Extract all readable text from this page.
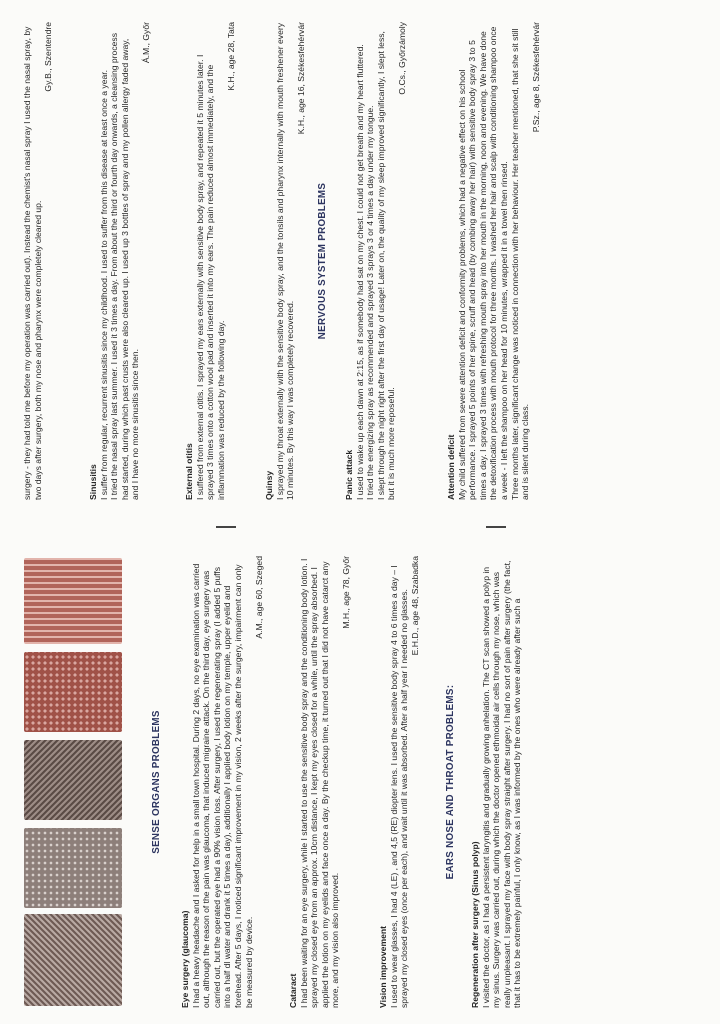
SENSE ORGANS PROBLEMS
Eye surgery (glaucoma) I had a heavy headache and I asked for help in a small town hospital. During 2 days, no eye examination was carried out, although the reason of the pain was glaucoma, that induced migraine attack. On the third day, eye surgery was carried out, but the operated eye had a 90% vision loss. After surgery, I used the regenerating spray (I added 5 puffs into a half dl water and drank it 5 times a day), additionally I applied body lotion on my temple, upper eyelid and forehead. After 5 days, I noticed significant improvement in my vision, 2 weeks after the surgery, impairment can only be measured by device.

A.M., age 60, Szeged
Cataract I had been waiting for an eye surgery, while I started to use the sensitive body spray and the conditioning body lotion. I sprayed my closed eye from an approx. 10cm distance, I kept my eyes closed for a while, until the spray absorbed. I applied the lotion on my eyelids and face once a day. By the checkup time, it turned out that I did not have catarct any more, and my vision also improved.

M.H., age 78, Győr
Vision improvement I used to wear glasses, I had 4 (LE) , and 4,5 (RE) diopter lens. I used the sensitive body spray 4 to 6 times a day – I sprayed my closed eyes (once per each), and wait until it was absorbed. After a half year I needed no glasses. E.H.D., age 48, Szabadka
EARS NOSE AND THROAT PROBLEMS:
Regeneration after surgery (Sinus polyp) I visited the doctor, as I had a persistent laryngitis and gradually growing anhelation. The CT scan showed a polyp in my sinus. Surgery was carried out, during which the doctor opened ethmoidal air cells through my nose, which was really unpleasant. I sprayed my face with body spray straight after surgery. I had no sort of pain after surgery (the fact, that it has to be extremely painful, I only know, as I was informed by the ones who were already after such a

surgery - they had told me before my operation was carried out). Instead the chemist's nasal spray I used the nasal spray, by two days after surgery, both my nose and pharynx were completely cleared up.

Gy.B., Szentendre
Sinusitis I suffer from regular, recurrent sinusitis since my childhood. I used to suffer from this disease at least once a year.
I tried the nasal spray last summer. I used it 3 times a day. From about the third or fourth day onwards, a cleansing process had started, during which past crusts were also cleared up. I used up 3 bottles of spray and my pollen allergy faded away, and I have no more sinusitis since then.

Á.M., Győr
External otitis I suffered from external otitis. I sprayed my ears externally with sensitive body spray, and repeated it 5 minutes later. I sprayed 3 times onto a cotton wool pad and inserted it into my ears. The pain reduced almost immediately, and the inflammation was reduced by the following day.

K.H., age 28, Tata
Quinsy I sprayed my throat externally with the sensitive body spray, and the tonsils and pharynx internally with mouth freshener every 10 minutes. By this way I was completely recovered.

K.H., age 16, Székesfehérvár
NERVOUS SYSTEM PROBLEMS
Panic attack I used to wake up each dawn at 2:15, as if somebody had sat on my chest. I could not get breath and my heart fluttered.
I tried the energizing spray as recommended and sprayed 3 sprays 3 or 4 times a day under my tongue.
I slept through the night right after the first day of usage! Later on, the quality of my sleep improved significantly, I slept less, but it is much more reposeful.

O.Cs., Győrzámoly
Attention deficit My child suffered from severe attention deficit and conformity problems, which had a negative effect on his school performance. I sprayed 5 points of her spine, scruff and head (by combing away her hair) with sensitive body spray 3 to 5 times a day. I sprayed 3 times with refreshing mouth spray into her mouth in the morning, noon and evening. We have done the detoxification process with mouth protocol for three months. I washed her hair and scalp with conditioning shampoo once a week - I left the shampoo on her head for 10 minutes, wrapped it in a towel then rinsed.
Three months later, significant change was noticed in connection with her behaviour. Her teacher mentioned, that she sit still and is silent during class.

P.Sz., age 8, Székesfehérvár
